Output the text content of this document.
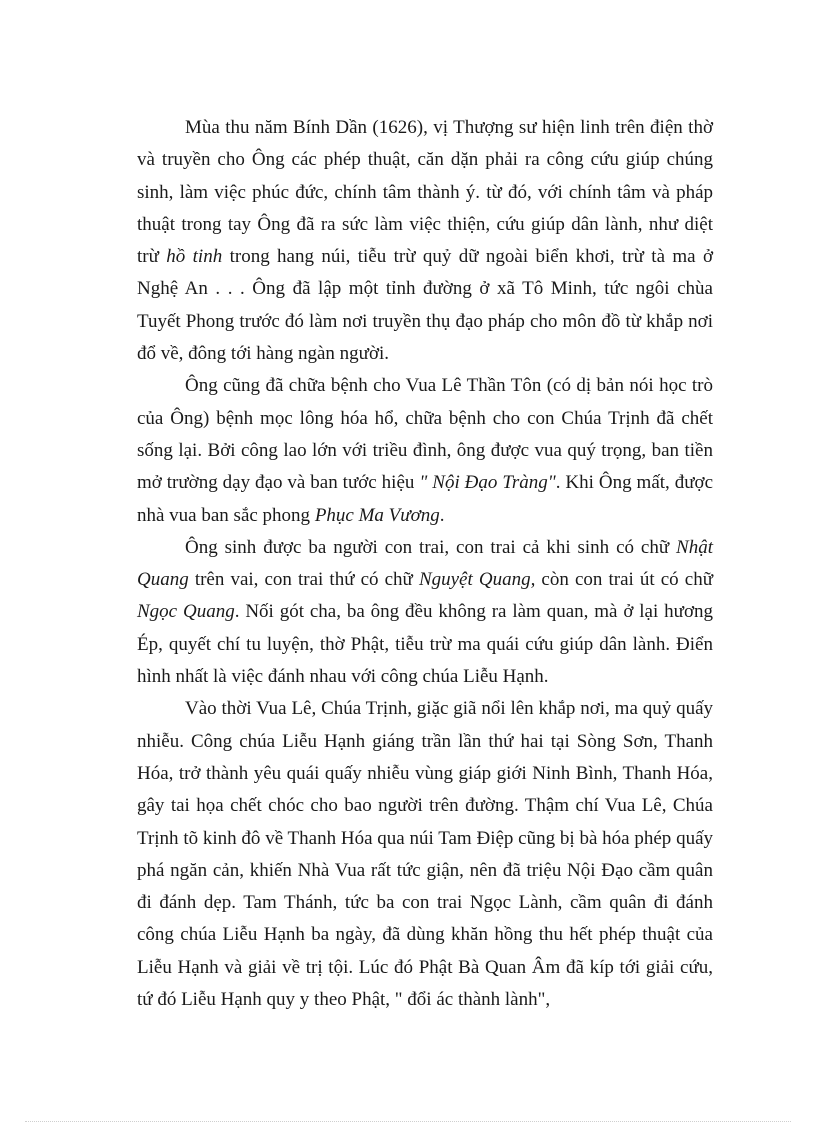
Mùa thu năm Bính Dần (1626), vị Thượng sư hiện linh trên điện thờ và truyền cho Ông các phép thuật, căn dặn phải ra công cứu giúp chúng sinh, làm việc phúc đức, chính tâm thành ý. từ đó, với chính tâm và pháp thuật trong tay Ông đã ra sức làm việc thiện, cứu giúp dân lành, như diệt trừ hồ tinh trong hang núi, tiễu trừ quỷ dữ ngoài biển khơi, trừ tà ma ở Nghệ An . . . Ông đã lập một tỉnh đường ở xã Tô Minh, tức ngôi chùa Tuyết Phong trước đó làm nơi truyền thụ đạo pháp cho môn đồ từ khắp nơi đổ về, đông tới hàng ngàn người.

Ông cũng đã chữa bệnh cho Vua Lê Thần Tôn (có dị bản nói học trò của Ông) bệnh mọc lông hóa hổ, chữa bệnh cho con Chúa Trịnh đã chết sống lại. Bởi công lao lớn với triều đình, ông được vua quý trọng, ban tiền mở trường dạy đạo và ban tước hiệu " Nội Đạo Tràng". Khi Ông mất, được nhà vua ban sắc phong Phục Ma Vương.

Ông sinh được ba người con trai, con trai cả khi sinh có chữ Nhật Quang trên vai, con trai thứ có chữ Nguyệt Quang, còn con trai út có chữ Ngọc Quang. Nối gót cha, ba ông đều không ra làm quan, mà ở lại hương Ép, quyết chí tu luyện, thờ Phật, tiễu trừ ma quái cứu giúp dân lành. Điển hình nhất là việc đánh nhau với công chúa Liễu Hạnh.

Vào thời Vua Lê, Chúa Trịnh, giặc giã nổi lên khắp nơi, ma quỷ quấy nhiễu. Công chúa Liễu Hạnh giáng trần lần thứ hai tại Sòng Sơn, Thanh Hóa, trở thành yêu quái quấy nhiễu vùng giáp giới Ninh Bình, Thanh Hóa, gây tai họa chết chóc cho bao người trên đường. Thậm chí Vua Lê, Chúa Trịnh tõ kinh đô về Thanh Hóa qua núi Tam Điệp cũng bị bà hóa phép quấy phá ngăn cản, khiến Nhà Vua rất tức giận, nên đã triệu Nội Đạo cầm quân đi đánh dẹp. Tam Thánh, tức ba con trai Ngọc Lành, cầm quân đi đánh công chúa Liễu Hạnh ba ngày, đã dùng khăn hồng thu hết phép thuật của Liễu Hạnh và giải về trị tội. Lúc đó Phật Bà Quan Âm đã kíp tới giải cứu, tứ đó Liễu Hạnh quy y theo Phật, " đổi ác thành lành",
